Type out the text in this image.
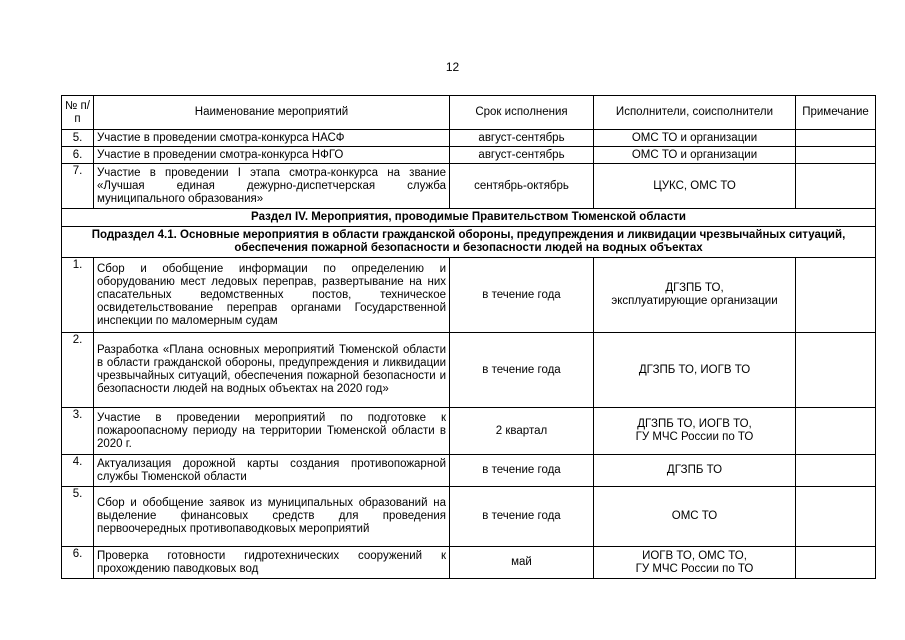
12
№ п/п	Наименование мероприятий	Срок исполнения	Исполнители, соисполнители	Примечание
5.	Участие в проведении смотра-конкурса НАСФ	август-сентябрь	ОМС ТО и организации	
6.	Участие в проведении смотра-конкурса НФГО	август-сентябрь	ОМС ТО и организации	
7.	Участие в проведении I этапа смотра-конкурса на звание «Лучшая единая дежурно-диспетчерская служба муниципального образования»	сентябрь-октябрь	ЦУКС, ОМС ТО	
Раздел IV. Мероприятия, проводимые Правительством Тюменской области				
Подраздел 4.1. Основные мероприятия в области гражданской обороны, предупреждения и ликвидации чрезвычайных ситуаций, обеспечения пожарной безопасности и безопасности людей на водных объектах				
1.	Сбор и обобщение информации по определению и оборудованию мест ледовых переправ, развертывание на них спасательных ведомственных постов, техническое освидетельствование переправ органами Государственной инспекции по маломерным судам	в течение года	ДГЗПБ ТО,
эксплуатирующие организации	

2.	Разработка «Плана основных мероприятий Тюменской области в области гражданской обороны, предупреждения и ликвидации чрезвычайных ситуаций, обеспечения пожарной безопасности и безопасности людей на водных объектах на 2020 год»	в течение года	ДГЗПБ ТО, ИОГВ ТО	

3.	Участие в проведении мероприятий по подготовке к пожароопасному периоду на территории Тюменской области в 2020 г.	2 квартал	ДГЗПБ ТО, ИОГВ ТО,
ГУ МЧС России по ТО	

4.	Актуализация дорожной карты создания противопожарной службы Тюменской области	в течение года	ДГЗПБ ТО	

5.	Сбор и обобщение заявок из муниципальных образований на выделение финансовых средств для проведения первоочередных противопаводковых мероприятий	в течение года	ОМС ТО	

6.	Проверка готовности гидротехнических сооружений к прохождению паводковых вод	май	ИОГВ ТО, ОМС ТО,
ГУ МЧС России по ТО	
